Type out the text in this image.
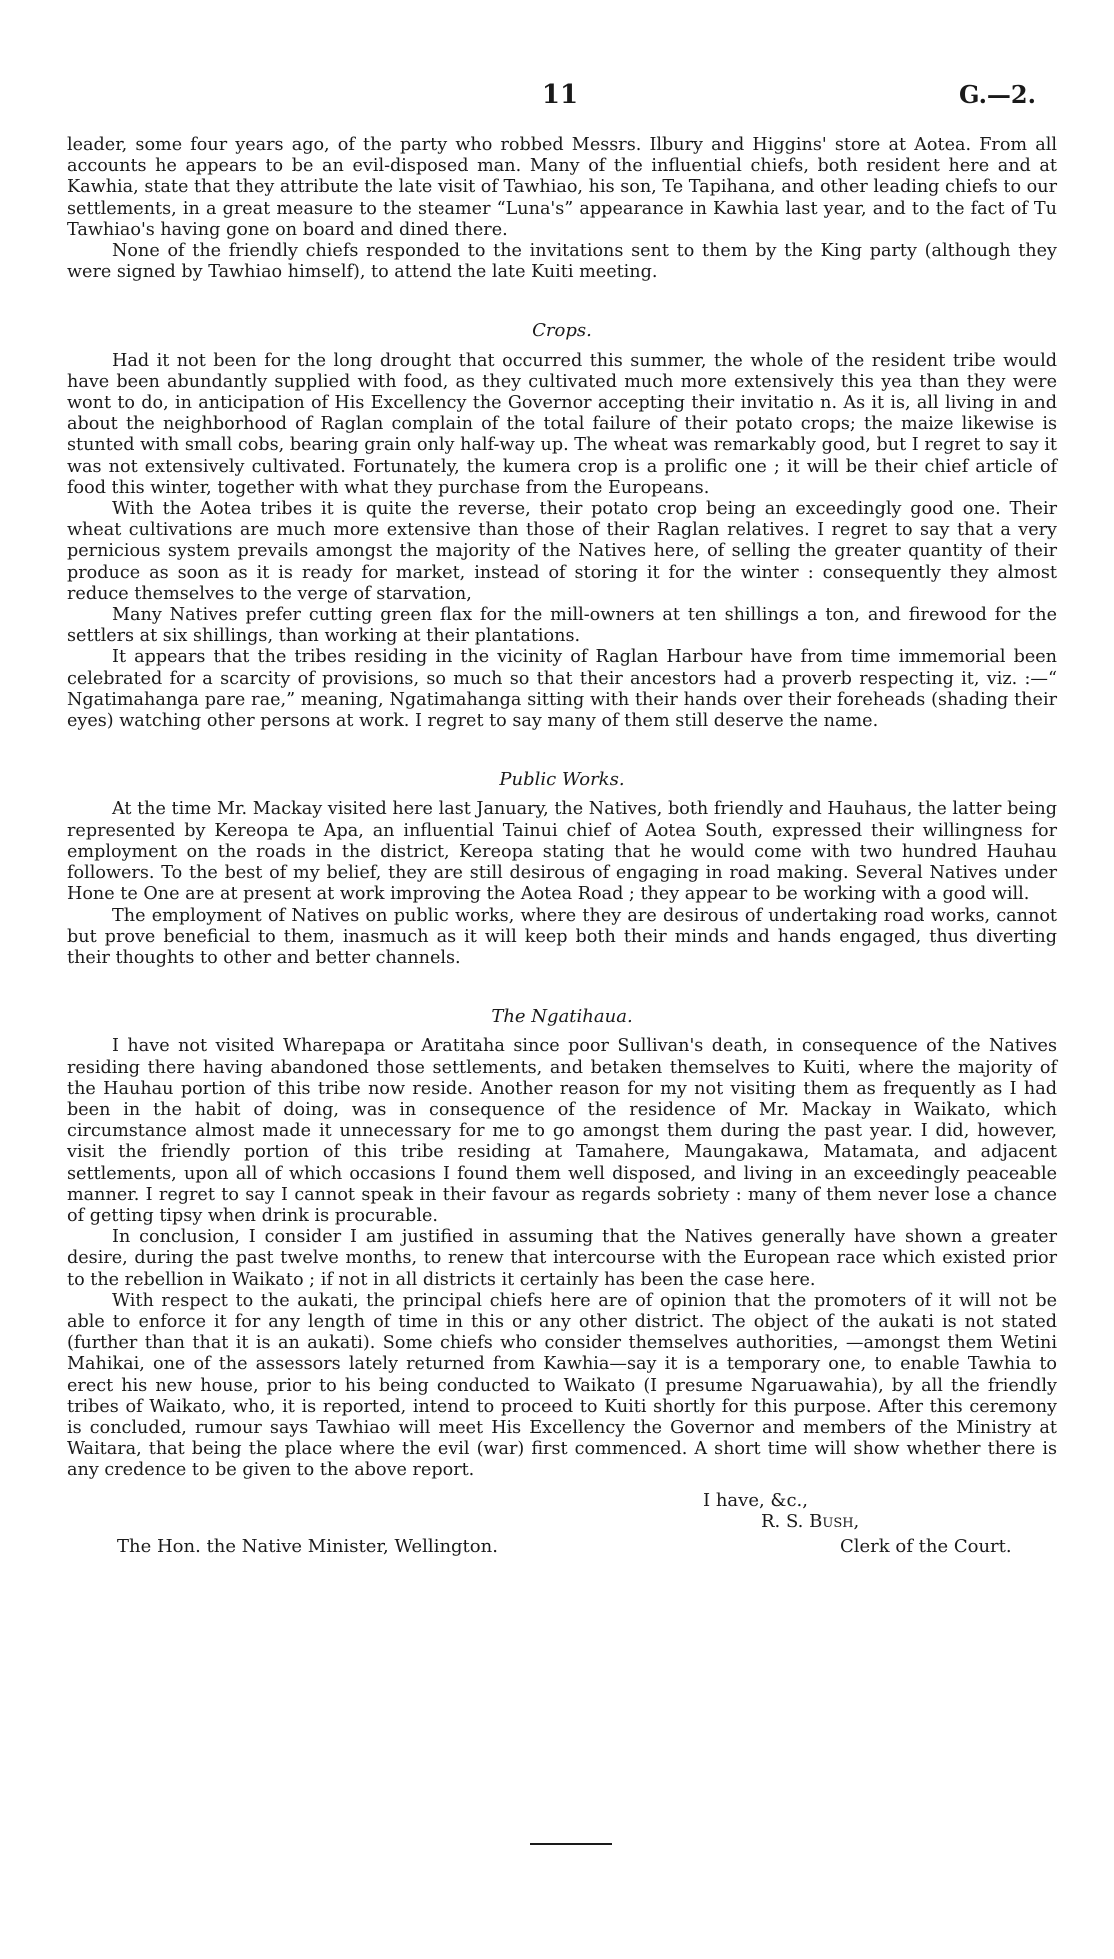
11	G.—2.

leader, some four years ago, of the party who robbed Messrs. Ilbury and Higgins' store at Aotea. From all accounts he appears to be an evil-disposed man. Many of the influential chiefs, both resident here and at Kawhia, state that they attribute the late visit of Tawhiao, his son, Te Tapihana, and other leading chiefs to our settlements, in a great measure to the steamer “Luna's” appearance in Kawhia last year, and to the fact of Tu Tawhiao's having gone on board and dined there.

None of the friendly chiefs responded to the invitations sent to them by the King party (although they were signed by Tawhiao himself), to attend the late Kuiti meeting.

Crops.

Had it not been for the long drought that occurred this summer, the whole of the resident tribe would have been abundantly supplied with food, as they cultivated much more extensively this yea than they were wont to do, in anticipation of His Excellency the Governor accepting their invitatio n. As it is, all living in and about the neighborhood of Raglan complain of the total failure of their potato crops; the maize likewise is stunted with small cobs, bearing grain only half-way up. The wheat was remarkably good, but I regret to say it was not extensively cultivated. Fortunately, the kumera crop is a prolific one ; it will be their chief article of food this winter, together with what they purchase from the Europeans.

With the Aotea tribes it is quite the reverse, their potato crop being an exceedingly good one. Their wheat cultivations are much more extensive than those of their Raglan relatives. I regret to say that a very pernicious system prevails amongst the majority of the Natives here, of selling the greater quantity of their produce as soon as it is ready for market, instead of storing it for the winter : consequently they almost reduce themselves to the verge of starvation,

Many Natives prefer cutting green flax for the mill-owners at ten shillings a ton, and firewood for the settlers at six shillings, than working at their plantations.

It appears that the tribes residing in the vicinity of Raglan Harbour have from time immemorial been celebrated for a scarcity of provisions, so much so that their ancestors had a proverb respecting it, viz. :—“ Ngatimahanga pare rae,” meaning, Ngatimahanga sitting with their hands over their foreheads (shading their eyes) watching other persons at work. I regret to say many of them still deserve the name.

Public Works.

At the time Mr. Mackay visited here last January, the Natives, both friendly and Hauhaus, the latter being represented by Kereopa te Apa, an influential Tainui chief of Aotea South, expressed their willingness for employment on the roads in the district, Kereopa stating that he would come with two hundred Hauhau followers. To the best of my belief, they are still desirous of engaging in road making. Several Natives under Hone te One are at present at work improving the Aotea Road ; they appear to be working with a good will.

The employment of Natives on public works, where they are desirous of undertaking road works, cannot but prove beneficial to them, inasmuch as it will keep both their minds and hands engaged, thus diverting their thoughts to other and better channels.

The Ngatihaua.

I have not visited Wharepapa or Aratitaha since poor Sullivan's death, in consequence of the Natives residing there having abandoned those settlements, and betaken themselves to Kuiti, where the majority of the Hauhau portion of this tribe now reside. Another reason for my not visiting them as frequently as I had been in the habit of doing, was in consequence of the residence of Mr. Mackay in Waikato, which circumstance almost made it unnecessary for me to go amongst them during the past year. I did, however, visit the friendly portion of this tribe residing at Tamahere, Maungakawa, Matamata, and adjacent settlements, upon all of which occasions I found them well disposed, and living in an exceedingly peaceable manner. I regret to say I cannot speak in their favour as regards sobriety : many of them never lose a chance of getting tipsy when drink is procurable.

In conclusion, I consider I am justified in assuming that the Natives generally have shown a greater desire, during the past twelve months, to renew that intercourse with the European race which existed prior to the rebellion in Waikato ; if not in all districts it certainly has been the case here.

With respect to the aukati, the principal chiefs here are of opinion that the promoters of it will not be able to enforce it for any length of time in this or any other district. The object of the aukati is not stated (further than that it is an aukati). Some chiefs who consider themselves authorities, —amongst them Wetini Mahikai, one of the assessors lately returned from Kawhia—say it is a temporary one, to enable Tawhia to erect his new house, prior to his being conducted to Waikato (I presume Ngaruawahia), by all the friendly tribes of Waikato, who, it is reported, intend to proceed to Kuiti shortly for this purpose. After this ceremony is concluded, rumour says Tawhiao will meet His Excellency the Governor and members of the Ministry at Waitara, that being the place where the evil (war) first commenced. A short time will show whether there is any credence to be given to the above report.

I have, &c.,
R. S. Bush,
The Hon. the Native Minister, Wellington.	Clerk of the Court.
